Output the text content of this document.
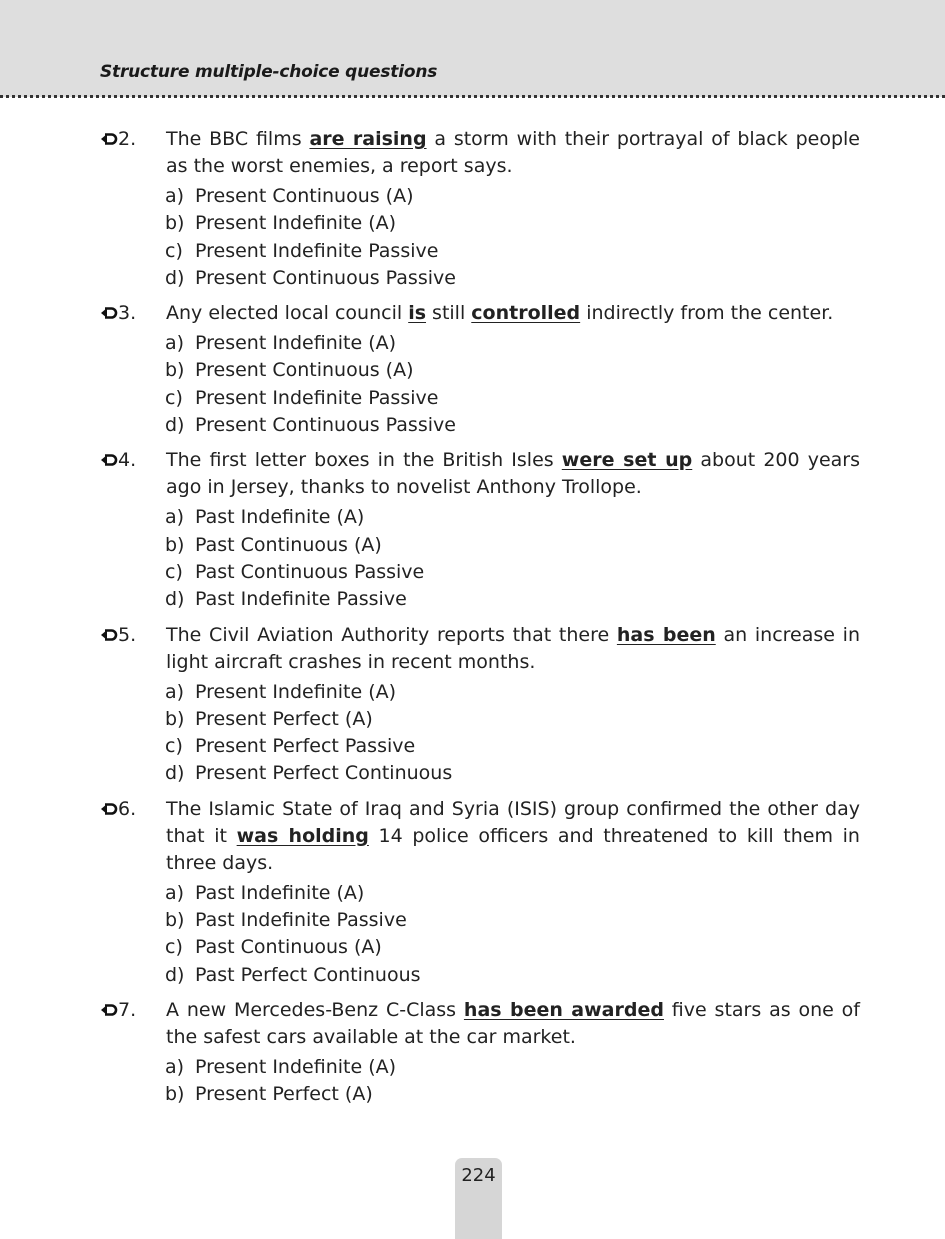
Structure multiple-choice questions
2. The BBC films are raising a storm with their portrayal of black people as the worst enemies, a report says.
a) Present Continuous (A)
b) Present Indefinite (A)
c) Present Indefinite Passive
d) Present Continuous Passive
3. Any elected local council is still controlled indirectly from the center.
a) Present Indefinite (A)
b) Present Continuous (A)
c) Present Indefinite Passive
d) Present Continuous Passive
4. The first letter boxes in the British Isles were set up about 200 years ago in Jersey, thanks to novelist Anthony Trollope.
a) Past Indefinite (A)
b) Past Continuous (A)
c) Past Continuous Passive
d) Past Indefinite Passive
5. The Civil Aviation Authority reports that there has been an increase in light aircraft crashes in recent months.
a) Present Indefinite (A)
b) Present Perfect (A)
c) Present Perfect Passive
d) Present Perfect Continuous
6. The Islamic State of Iraq and Syria (ISIS) group confirmed the other day that it was holding 14 police officers and threatened to kill them in three days.
a) Past Indefinite (A)
b) Past Indefinite Passive
c) Past Continuous (A)
d) Past Perfect Continuous
7. A new Mercedes-Benz C-Class has been awarded five stars as one of the safest cars available at the car market.
a) Present Indefinite (A)
b) Present Perfect (A)
224
